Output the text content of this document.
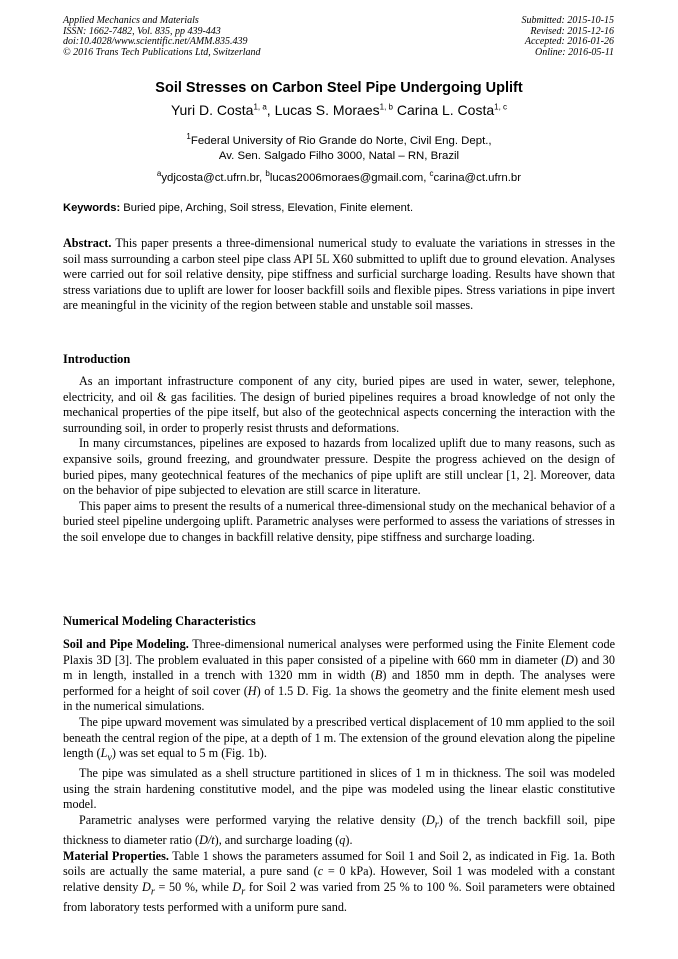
Applied Mechanics and Materials
ISSN: 1662-7482, Vol. 835, pp 439-443
doi:10.4028/www.scientific.net/AMM.835.439
© 2016 Trans Tech Publications Ltd, Switzerland
Submitted: 2015-10-15
Revised: 2015-12-16
Accepted: 2016-01-26
Online: 2016-05-11
Soil Stresses on Carbon Steel Pipe Undergoing Uplift
Yuri D. Costa$^{1, a}$, Lucas S. Moraes$^{1, b}$ Carina L. Costa$^{1, c}$
$^1$Federal University of Rio Grande do Norte, Civil Eng. Dept.,
Av. Sen. Salgado Filho 3000, Natal – RN, Brazil
$^a$ydjcosta@ct.ufrn.br, $^b$lucas2006moraes@gmail.com, $^c$carina@ct.ufrn.br
Keywords: Buried pipe, Arching, Soil stress, Elevation, Finite element.

Abstract. This paper presents a three-dimensional numerical study to evaluate the variations in stresses in the soil mass surrounding a carbon steel pipe class API 5L X60 submitted to uplift due to ground elevation. Analyses were carried out for soil relative density, pipe stiffness and surficial surcharge loading. Results have shown that stress variations due to uplift are lower for looser backfill soils and flexible pipes. Stress variations in pipe invert are meaningful in the vicinity of the region between stable and unstable soil masses.

Introduction

As an important infrastructure component of any city, buried pipes are used in water, sewer, telephone, electricity, and oil & gas facilities. The design of buried pipelines requires a broad knowledge of not only the mechanical properties of the pipe itself, but also of the geotechnical aspects concerning the interaction with the surrounding soil, in order to properly resist thrusts and deformations.

In many circumstances, pipelines are exposed to hazards from localized uplift due to many reasons, such as expansive soils, ground freezing, and groundwater pressure. Despite the progress achieved on the design of buried pipes, many geotechnical features of the mechanics of pipe uplift are still unclear [1, 2]. Moreover, data on the behavior of pipe subjected to elevation are still scarce in literature.

This paper aims to present the results of a numerical three-dimensional study on the mechanical behavior of a buried steel pipeline undergoing uplift. Parametric analyses were performed to assess the variations of stresses in the soil envelope due to changes in backfill relative density, pipe stiffness and surcharge loading.

Numerical Modeling Characteristics

Soil and Pipe Modeling. Three-dimensional numerical analyses were performed using the Finite Element code Plaxis 3D [3]. The problem evaluated in this paper consisted of a pipeline with 660 mm in diameter (D) and 30 m in length, installed in a trench with 1320 mm in width (B) and 1850 mm in depth. The analyses were performed for a height of soil cover (H) of 1.5 D. Fig. 1a shows the geometry and the finite element mesh used in the numerical simulations.

The pipe upward movement was simulated by a prescribed vertical displacement of 10 mm applied to the soil beneath the central region of the pipe, at a depth of 1 m. The extension of the ground elevation along the pipeline length $(L_v)$ was set equal to 5 m (Fig. 1b).

The pipe was simulated as a shell structure partitioned in slices of 1 m in thickness. The soil was modeled using the strain hardening constitutive model, and the pipe was modeled using the linear elastic constitutive model.

Parametric analyses were performed varying the relative density $(D_r)$ of the trench backfill soil, pipe thickness to diameter ratio (D/t), and surcharge loading (q).

Material Properties. Table 1 shows the parameters assumed for Soil 1 and Soil 2, as indicated in Fig. 1a. Both soils are actually the same material, a pure sand (c = 0 kPa). However, Soil 1 was modeled with a constant relative density $D_r = 50$ %, while $D_r$ for Soil 2 was varied from 25 % to 100 %. Soil parameters were obtained from laboratory tests performed with a uniform pure sand.
